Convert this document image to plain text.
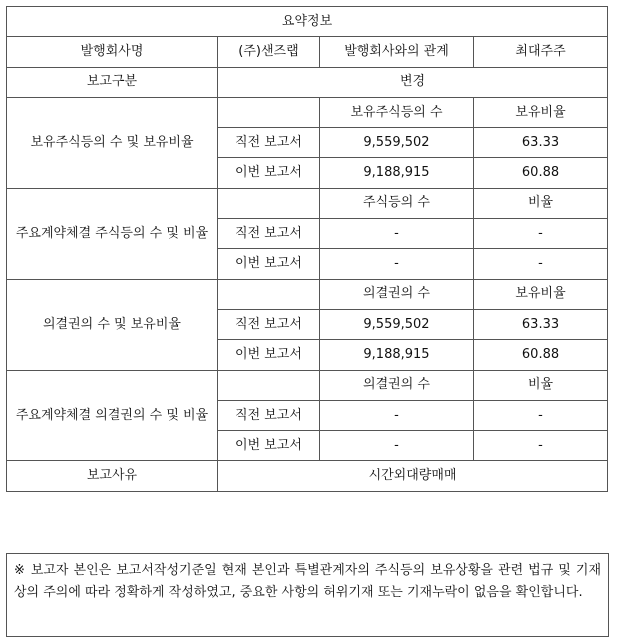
요약정보			
발행회사명	(주)샌즈랩	발행회사와의 관계	최대주주
보고구분	변경		
보유주식등의 수 및 보유비율		보유주식등의 수	보유비율
	직전 보고서	9,559,502	63.33
	이번 보고서	9,188,915	60.88
주요계약체결 주식등의 수 및 비율		주식등의 수	비율
	직전 보고서	-	-
	이번 보고서	-	-
의결권의 수 및 보유비율		의결권의 수	보유비율
	직전 보고서	9,559,502	63.33
	이번 보고서	9,188,915	60.88
주요계약체결 의결권의 수 및 비율		의결권의 수	비율
	직전 보고서	-	-
	이번 보고서	-	-
보고사유	시간외대량매매		
※ 보고자 본인은 보고서작성기준일 현재 본인과 특별관계자의 주식등의 보유상황을 관련 법규 및 기재상의 주의에 따라 정확하게 작성하였고, 중요한 사항의 허위기재 또는 기재누락이 없음을 확인합니다.
